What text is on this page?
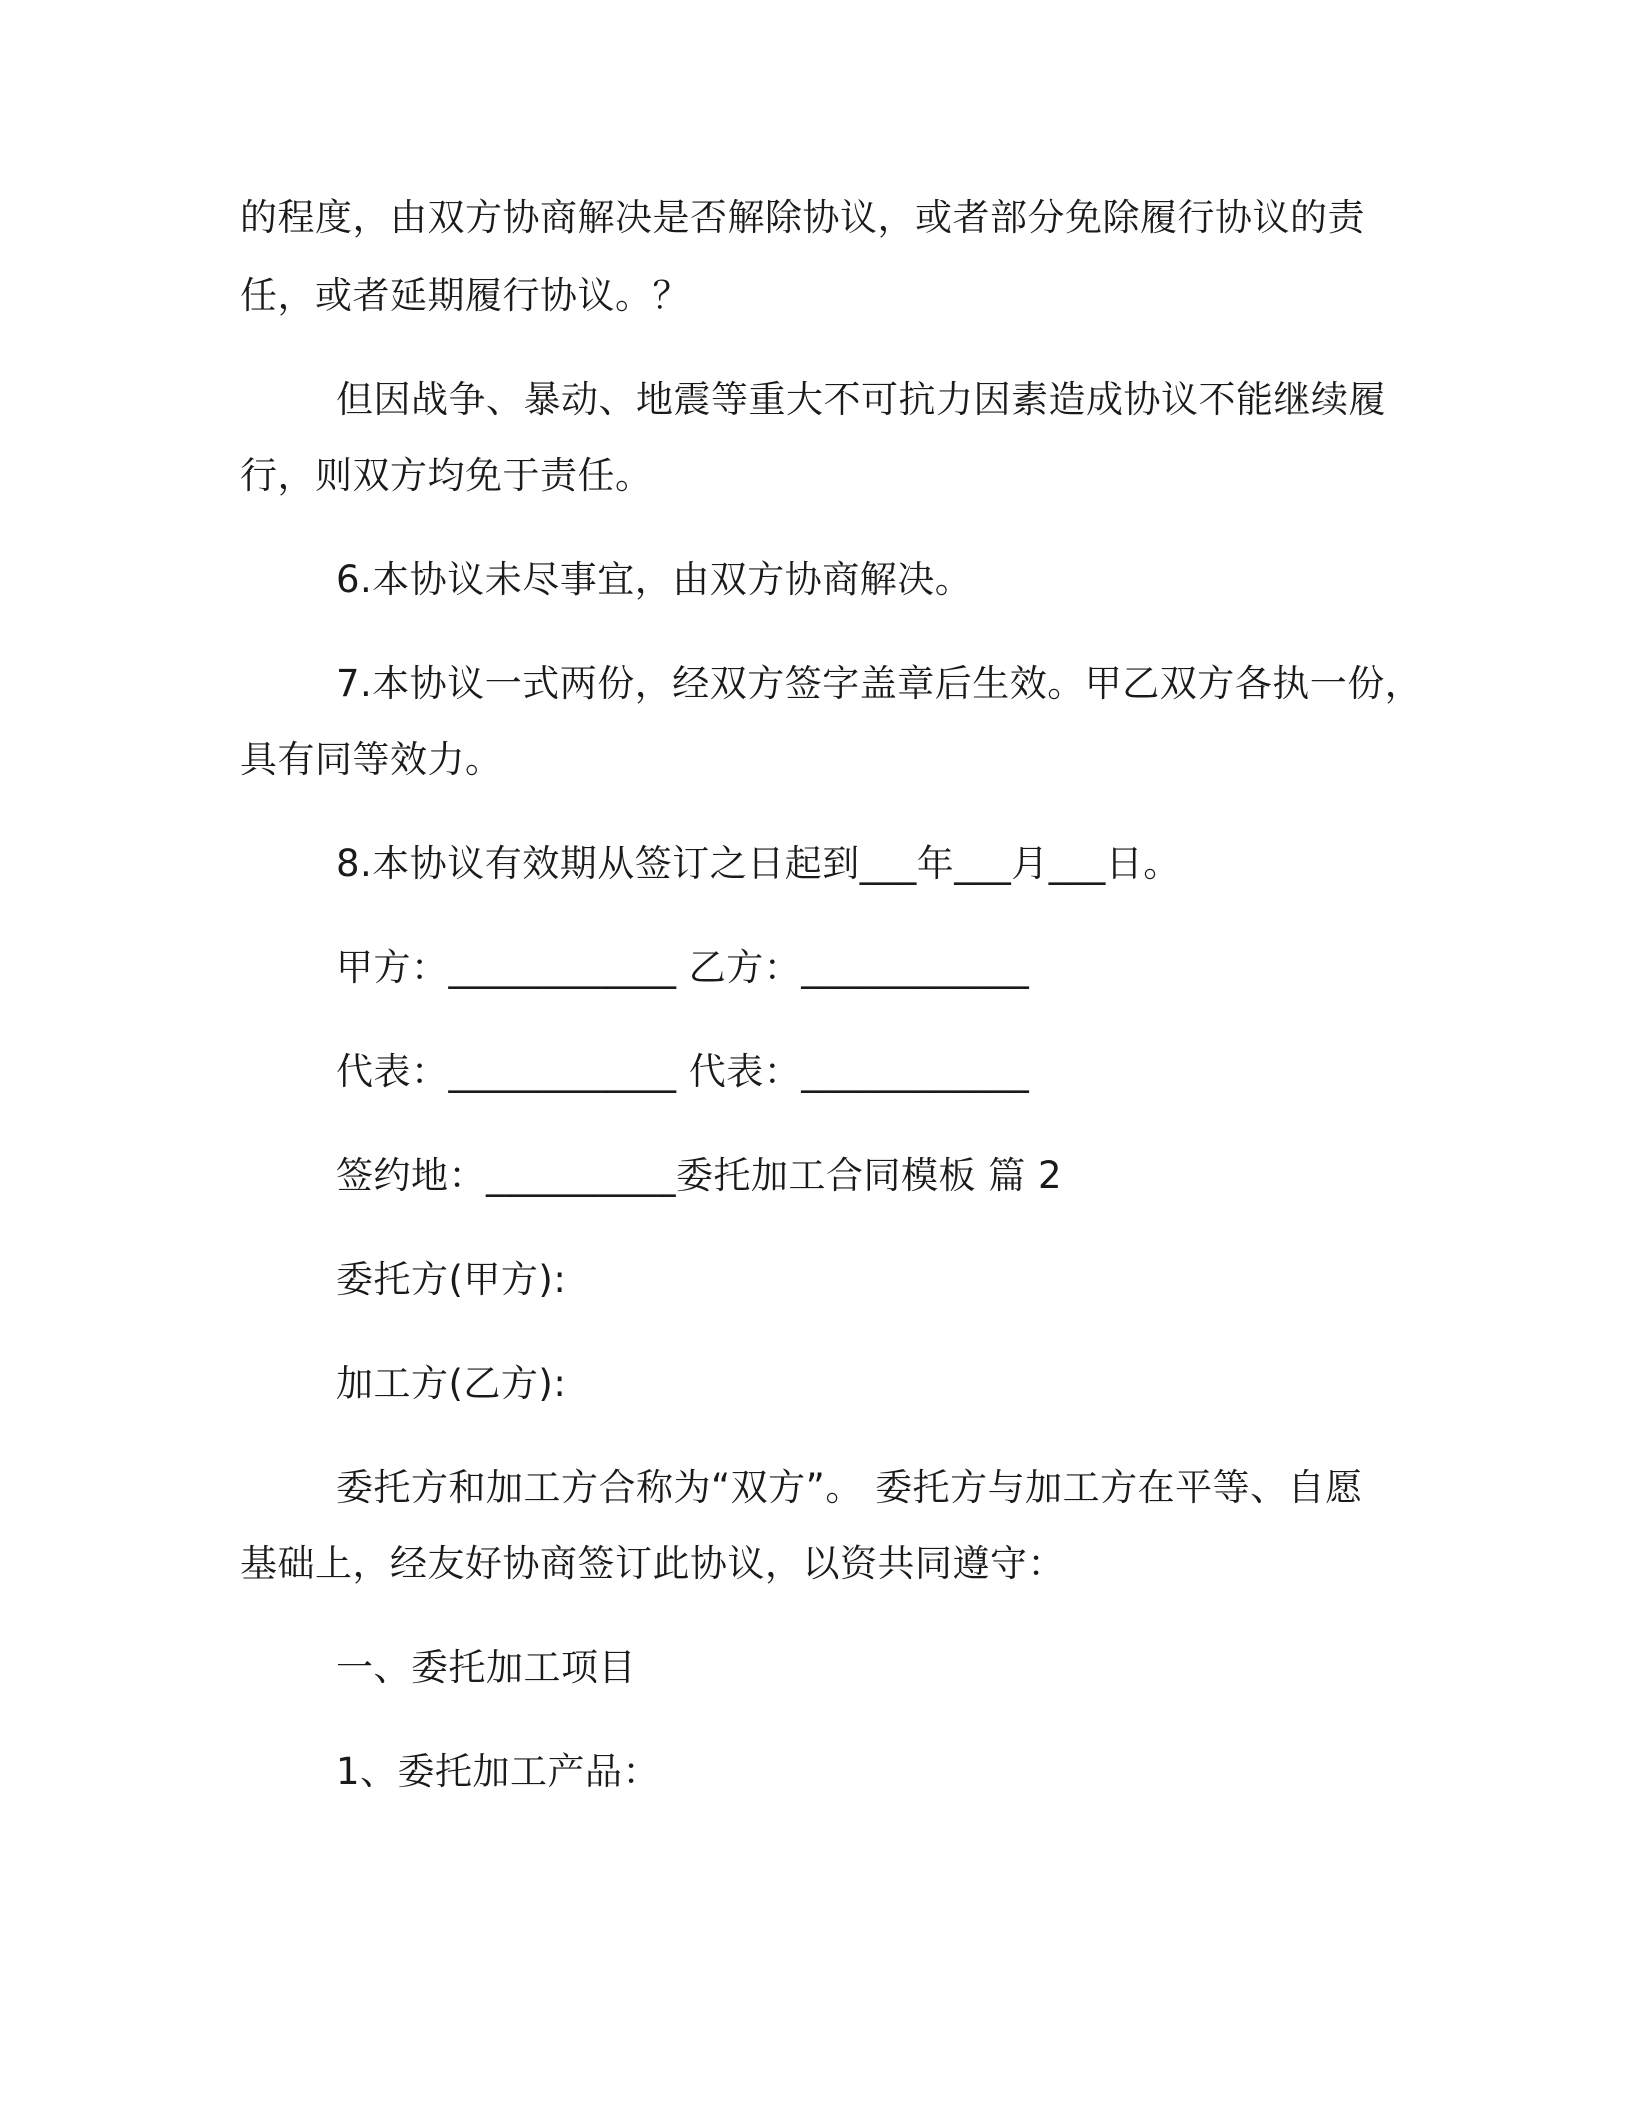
的程度，由双方协商解决是否解除协议，或者部分免除履行协议的责
任，或者延期履行协议。？
但因战争、暴动、地震等重大不可抗力因素造成协议不能继续履
行，则双方均免于责任。
6.本协议未尽事宜，由双方协商解决。
7.本协议一式两份，经双方签字盖章后生效。甲乙双方各执一份，
具有同等效力。
8.本协议有效期从签订之日起到___年___月___日。
甲方：____________ 乙方：____________
代表：____________ 代表：____________
签约地：__________委托加工合同模板 篇 2
委托方(甲方):
加工方(乙方):
委托方和加工方合称为“双方”。 委托方与加工方在平等、自愿
基础上，经友好协商签订此协议，以资共同遵守：
一、委托加工项目
1、委托加工产品：
